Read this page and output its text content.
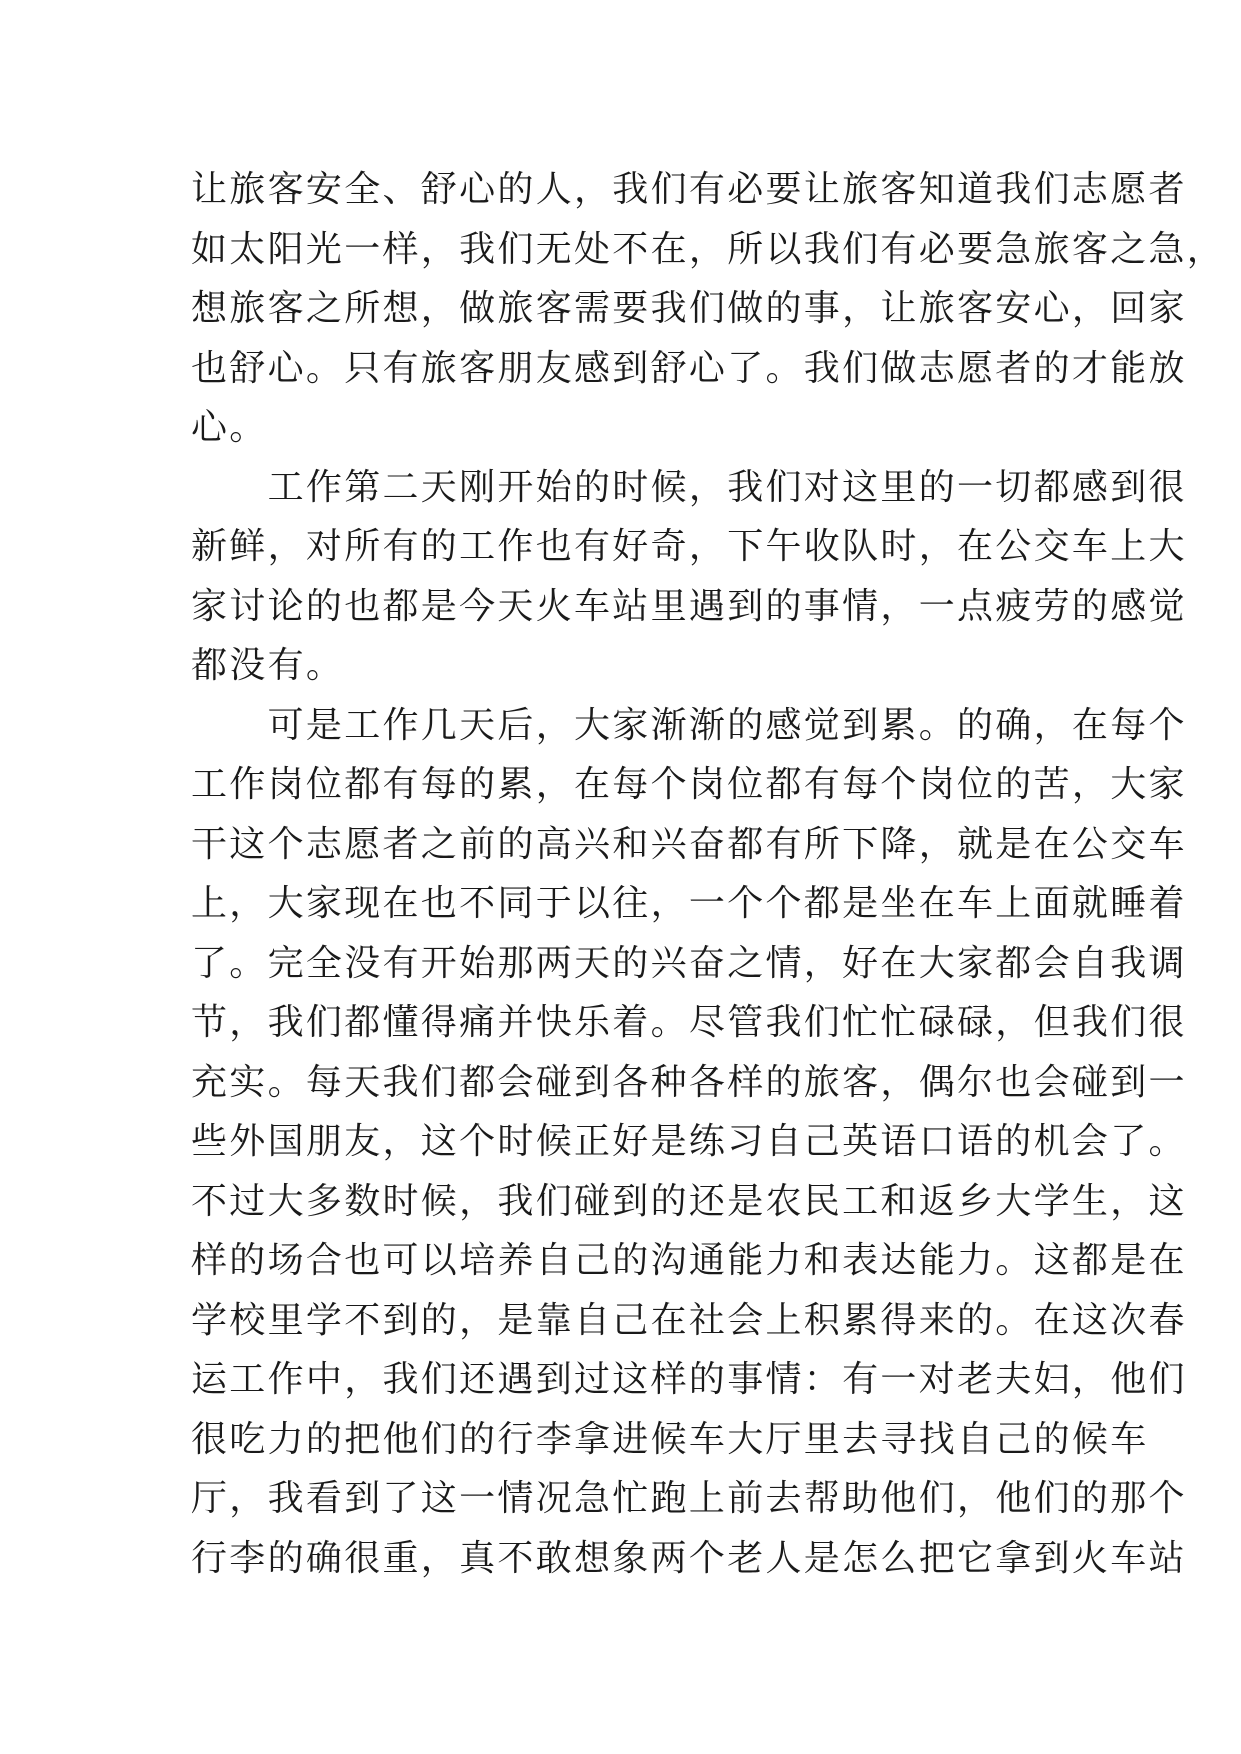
让旅客安全、舒心的人，我们有必要让旅客知道我们志愿者
如太阳光一样，我们无处不在，所以我们有必要急旅客之急，
想旅客之所想，做旅客需要我们做的事，让旅客安心，回家
也舒心。只有旅客朋友感到舒心了。我们做志愿者的才能放
心。
　　工作第二天刚开始的时候，我们对这里的一切都感到很
新鲜，对所有的工作也有好奇，下午收队时，在公交车上大
家讨论的也都是今天火车站里遇到的事情，一点疲劳的感觉
都没有。
　　可是工作几天后，大家渐渐的感觉到累。的确，在每个
工作岗位都有每的累，在每个岗位都有每个岗位的苦，大家
干这个志愿者之前的高兴和兴奋都有所下降，就是在公交车
上，大家现在也不同于以往，一个个都是坐在车上面就睡着
了。完全没有开始那两天的兴奋之情，好在大家都会自我调
节，我们都懂得痛并快乐着。尽管我们忙忙碌碌，但我们很
充实。每天我们都会碰到各种各样的旅客，偶尔也会碰到一
些外国朋友，这个时候正好是练习自己英语口语的机会了。
不过大多数时候，我们碰到的还是农民工和返乡大学生，这
样的场合也可以培养自己的沟通能力和表达能力。这都是在
学校里学不到的，是靠自己在社会上积累得来的。在这次春
运工作中，我们还遇到过这样的事情：有一对老夫妇，他们
很吃力的把他们的行李拿进候车大厅里去寻找自己的候车
厅，我看到了这一情况急忙跑上前去帮助他们，他们的那个
行李的确很重，真不敢想象两个老人是怎么把它拿到火车站
